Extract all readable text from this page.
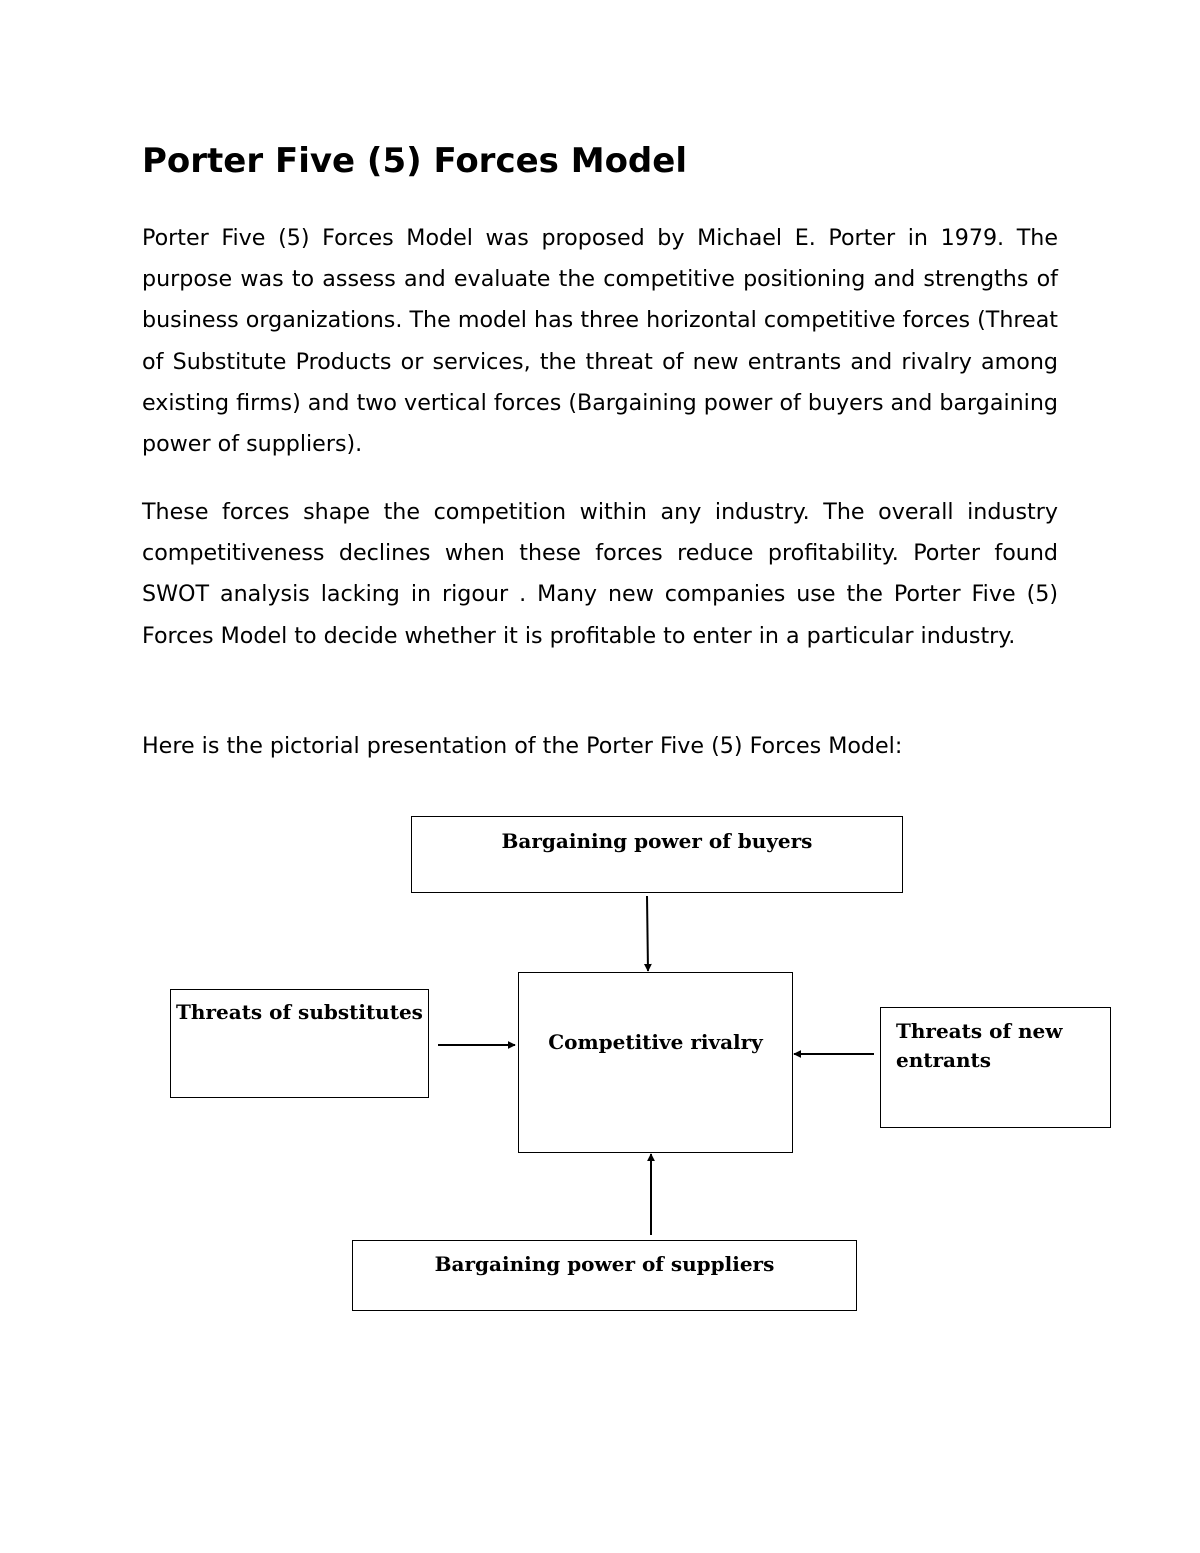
Porter Five (5) Forces Model

Porter Five (5) Forces Model was proposed by Michael E. Porter in 1979. The purpose was to assess and evaluate the competitive positioning and strengths of business organizations. The model has three horizontal competitive forces (Threat of Substitute Products or services, the threat of new entrants and rivalry among existing firms) and two vertical forces (Bargaining power of buyers and bargaining power of suppliers).

These forces shape the competition within any industry. The overall industry competitiveness declines when these forces reduce profitability. Porter found SWOT analysis lacking in rigour . Many new companies use the Porter Five (5) Forces Model to decide whether it is profitable to enter in a particular industry.

Here is the pictorial presentation of the Porter Five (5) Forces Model:

Bargaining power of buyers
Competitive rivalry
Threats of substitutes
Threats of new entrants
Bargaining power of suppliers
